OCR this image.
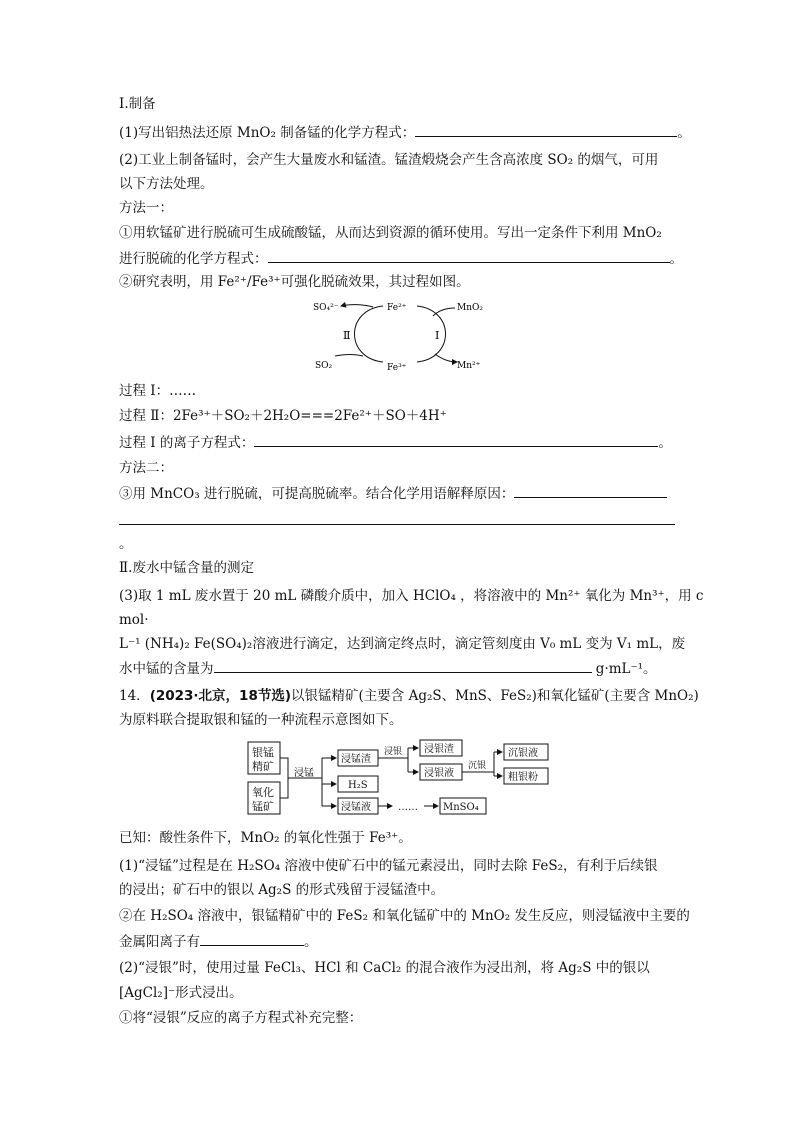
Ⅰ.制备
(1)写出铝热法还原 MnO₂ 制备锰的化学方程式：	。
(2)工业上制备锰时，会产生大量废水和锰渣。锰渣煅烧会产生含高浓度 SO₂ 的烟气，可用
以下方法处理。
方法一：
①用软锰矿进行脱硫可生成硫酸锰，从而达到资源的循环使用。写出一定条件下利用 MnO₂
进行脱硫的化学方程式：	。
②研究表明，用 Fe²⁺/Fe³⁺可强化脱硫效果，其过程如图。
SO₄²⁻	Fe²⁺	MnO₂
Ⅱ	Ⅰ
SO₂	Fe³⁺	Mn²⁺
过程 Ⅰ：……
过程 Ⅱ：2Fe³⁺＋SO₂＋2H₂O===2Fe²⁺＋SO＋4H⁺
过程 Ⅰ 的离子方程式：	。
方法二：
③用 MnCO₃ 进行脱硫，可提高脱硫率。结合化学用语解释原因：
。
Ⅱ.废水中锰含量的测定
(3)取 1 mL 废水置于 20 mL 磷酸介质中，加入 HClO₄ ，将溶液中的 Mn²⁺ 氧化为 Mn³⁺，用 c
mol·
L⁻¹ (NH₄)₂ Fe(SO₄)₂溶液进行滴定，达到滴定终点时，滴定管刻度由 V₀ mL 变为 V₁ mL，废
水中锰的含量为	g·mL⁻¹。
14．(2023·北京，18节选)以银锰精矿(主要含 Ag₂S、MnS、FeS₂)和氧化锰矿(主要含 MnO₂)
为原料联合提取银和锰的一种流程示意图如下。
银锰
精矿
氧化
锰矿
浸锰
浸锰渣
H₂S
浸锰液
浸银 浸银渣
浸银液
沉银
沉银液
粗银粉
……	MnSO₄
已知：酸性条件下，MnO₂ 的氧化性强于 Fe³⁺。
(1)“浸锰”过程是在 H₂SO₄ 溶液中使矿石中的锰元素浸出，同时去除 FeS₂，有利于后续银
的浸出；矿石中的银以 Ag₂S 的形式残留于浸锰渣中。
②在 H₂SO₄ 溶液中，银锰精矿中的 FeS₂ 和氧化锰矿中的 MnO₂ 发生反应，则浸锰液中主要的
金属阳离子有	。
(2)“浸银”时，使用过量 FeCl₃、HCl 和 CaCl₂ 的混合液作为浸出剂，将 Ag₂S 中的银以
[AgCl₂]⁻形式浸出。
①将“浸银”反应的离子方程式补充完整：
